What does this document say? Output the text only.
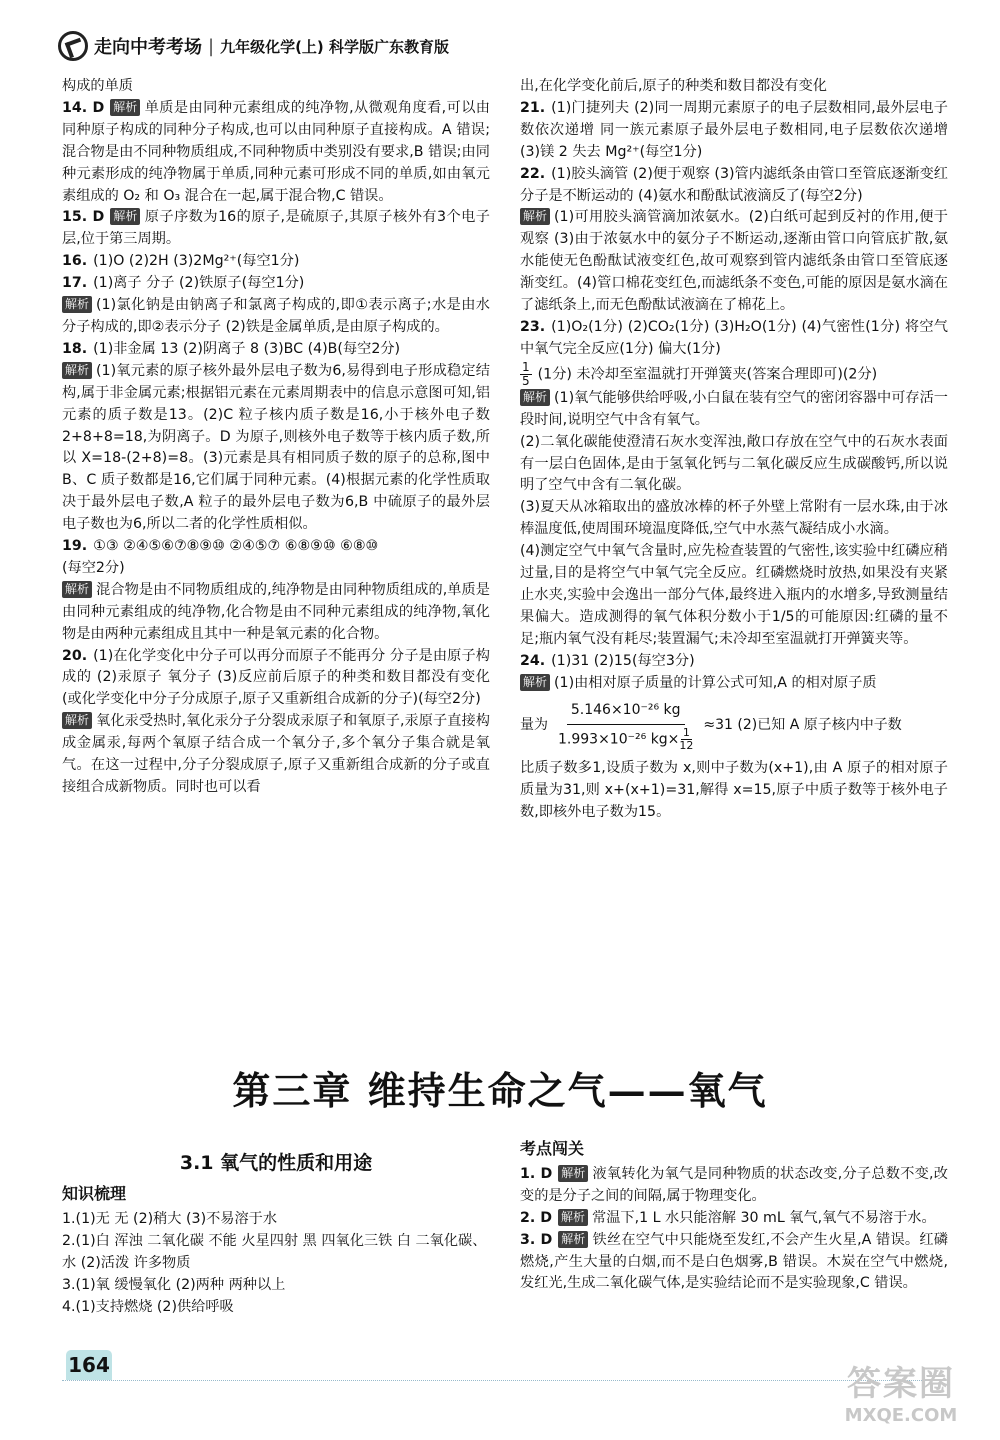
走向中考考场 | 九年级化学(上) 科学版广东教育版

构成的单质

14. D 解析 单质是由同种元素组成的纯净物,从微观角度看,可以由同种原子构成的同种分子构成,也可以由同种原子直接构成。A 错误;混合物是由不同种物质组成,不同种物质中类别没有要求,B 错误;由同种元素形成的纯净物属于单质,同种元素可形成不同的单质,如由氧元素组成的 O₂ 和 O₃ 混合在一起,属于混合物,C 错误。

15. D 解析 原子序数为16的原子,是硫原子,其原子核外有3个电子层,位于第三周期。

16. (1)O (2)2H (3)2Mg²⁺(每空1分)

17. (1)离子 分子 (2)铁原子(每空1分)

解析 (1)氯化钠是由钠离子和氯离子构成的,即①表示离子;水是由水分子构成的,即②表示分子 (2)铁是金属单质,是由原子构成的。

18. (1)非金属 13 (2)阴离子 8 (3)BC (4)B(每空2分)

解析 (1)氧元素的原子核外最外层电子数为6,易得到电子形成稳定结构,属于非金属元素;根据铝元素在元素周期表中的信息示意图可知,铝元素的质子数是13。(2)C 粒子核内质子数是16,小于核外电子数 2+8+8=18,为阴离子。D 为原子,则核外电子数等于核内质子数,所以 X=18-(2+8)=8。(3)元素是具有相同质子数的原子的总称,图中 B、C 质子数都是16,它们属于同种元素。(4)根据元素的化学性质取决于最外层电子数,A 粒子的最外层电子数为6,B 中硫原子的最外层电子数也为6,所以二者的化学性质相似。

19. ①③ ②④⑤⑥⑦⑧⑨⑩ ②④⑤⑦ ⑥⑧⑨⑩ ⑥⑧⑩

(每空2分)

解析 混合物是由不同物质组成的,纯净物是由同种物质组成的,单质是由同种元素组成的纯净物,化合物是由不同种元素组成的纯净物,氧化物是由两种元素组成且其中一种是氧元素的化合物。

20. (1)在化学变化中分子可以再分而原子不能再分 分子是由原子构成的 (2)汞原子 氧分子 (3)反应前后原子的种类和数目都没有变化(或化学变化中分子分成原子,原子又重新组合成新的分子)(每空2分)

解析 氧化汞受热时,氧化汞分子分裂成汞原子和氧原子,汞原子直接构成金属汞,每两个氧原子结合成一个氧分子,多个氧分子集合就是氧气。在这一过程中,分子分裂成原子,原子又重新组合成新的分子或直接组合成新物质。同时也可以看

出,在化学变化前后,原子的种类和数目都没有变化

21. (1)门捷列夫 (2)同一周期元素原子的电子层数相同,最外层电子数依次递增 同一族元素原子最外层电子数相同,电子层数依次递增 (3)镁 2 失去 Mg²⁺(每空1分)

22. (1)胶头滴管 (2)便于观察 (3)管内滤纸条由管口至管底逐渐变红 分子是不断运动的 (4)氨水和酚酞试液滴反了(每空2分)

解析 (1)可用胶头滴管滴加浓氨水。(2)白纸可起到反衬的作用,便于观察 (3)由于浓氨水中的氨分子不断运动,逐渐由管口向管底扩散,氨水能使无色酚酞试液变红色,故可观察到管内滤纸条由管口至管底逐渐变红。(4)管口棉花变红色,而滤纸条不变色,可能的原因是氨水滴在了滤纸条上,而无色酚酞试液滴在了棉花上。

23. (1)O₂(1分) (2)CO₂(1分) (3)H₂O(1分) (4)气密性(1分) 将空气中氧气完全反应(1分) 偏大(1分)

$\frac{1}{5} (1$分) 未冷却至室温就打开弹簧夹(答案合理即可)(2分)

解析 (1)氧气能够供给呼吸,小白鼠在装有空气的密闭容器中可存活一段时间,说明空气中含有氧气。

(2)二氧化碳能使澄清石灰水变浑浊,敞口存放在空气中的石灰水表面有一层白色固体,是由于氢氧化钙与二氧化碳反应生成碳酸钙,所以说明了空气中含有二氧化碳。

(3)夏天从冰箱取出的盛放冰棒的杯子外壁上常附有一层水珠,由于冰棒温度低,使周围环境温度降低,空气中水蒸气凝结成小水滴。

(4)测定空气中氧气含量时,应先检查装置的气密性,该实验中红磷应稍过量,目的是将空气中氧气完全反应。红磷燃烧时放热,如果没有夹紧止水夹,实验中会逸出一部分气体,最终进入瓶内的水增多,导致测量结果偏大。造成测得的氧气体积分数小于1/5的可能原因:红磷的量不足;瓶内氧气没有耗尽;装置漏气;未冷却至室温就打开弹簧夹等。

24. (1)31 (2)15(每空3分)

解析 (1)由相对原子质量的计算公式可知,A 的相对原子质

量为 $\frac{\text{5.146×10⁻²⁶ kg}}{1.993\times 10^{-26} kg\times \frac{1}{12}} \approx 31$ (2)已知 A 原子核内中子数

比质子数多1,设质子数为 x,则中子数为(x+1),由 A 原子的相对原子质量为31,则 x+(x+1)=31,解得 x=15,原子中质子数等于核外电子数,即核外电子数为15。

第三章 维持生命之气——氧气
3.1 氧气的性质和用途
知识梳理

1.(1)无 无 (2)稍大 (3)不易溶于水

2.(1)白 浑浊 二氧化碳 不能 火星四射 黑 四氧化三铁 白 二氧化碳、水 (2)活泼 许多物质

3.(1)氧 缓慢氧化 (2)两种 两种以上

4.(1)支持燃烧 (2)供给呼吸

考点闯关

1. D 解析 液氧转化为氧气是同种物质的状态改变,分子总数不变,改变的是分子之间的间隔,属于物理变化。

2. D 解析 常温下,1 L 水只能溶解 30 mL 氧气,氧气不易溶于水。

3. D 解析 铁丝在空气中只能烧至发红,不会产生火星,A 错误。红磷燃烧,产生大量的白烟,而不是白色烟雾,B 错误。木炭在空气中燃烧,发红光,生成二氧化碳气体,是实验结论而不是实验现象,C 错误。

164	答案圈
MXQE.COM
